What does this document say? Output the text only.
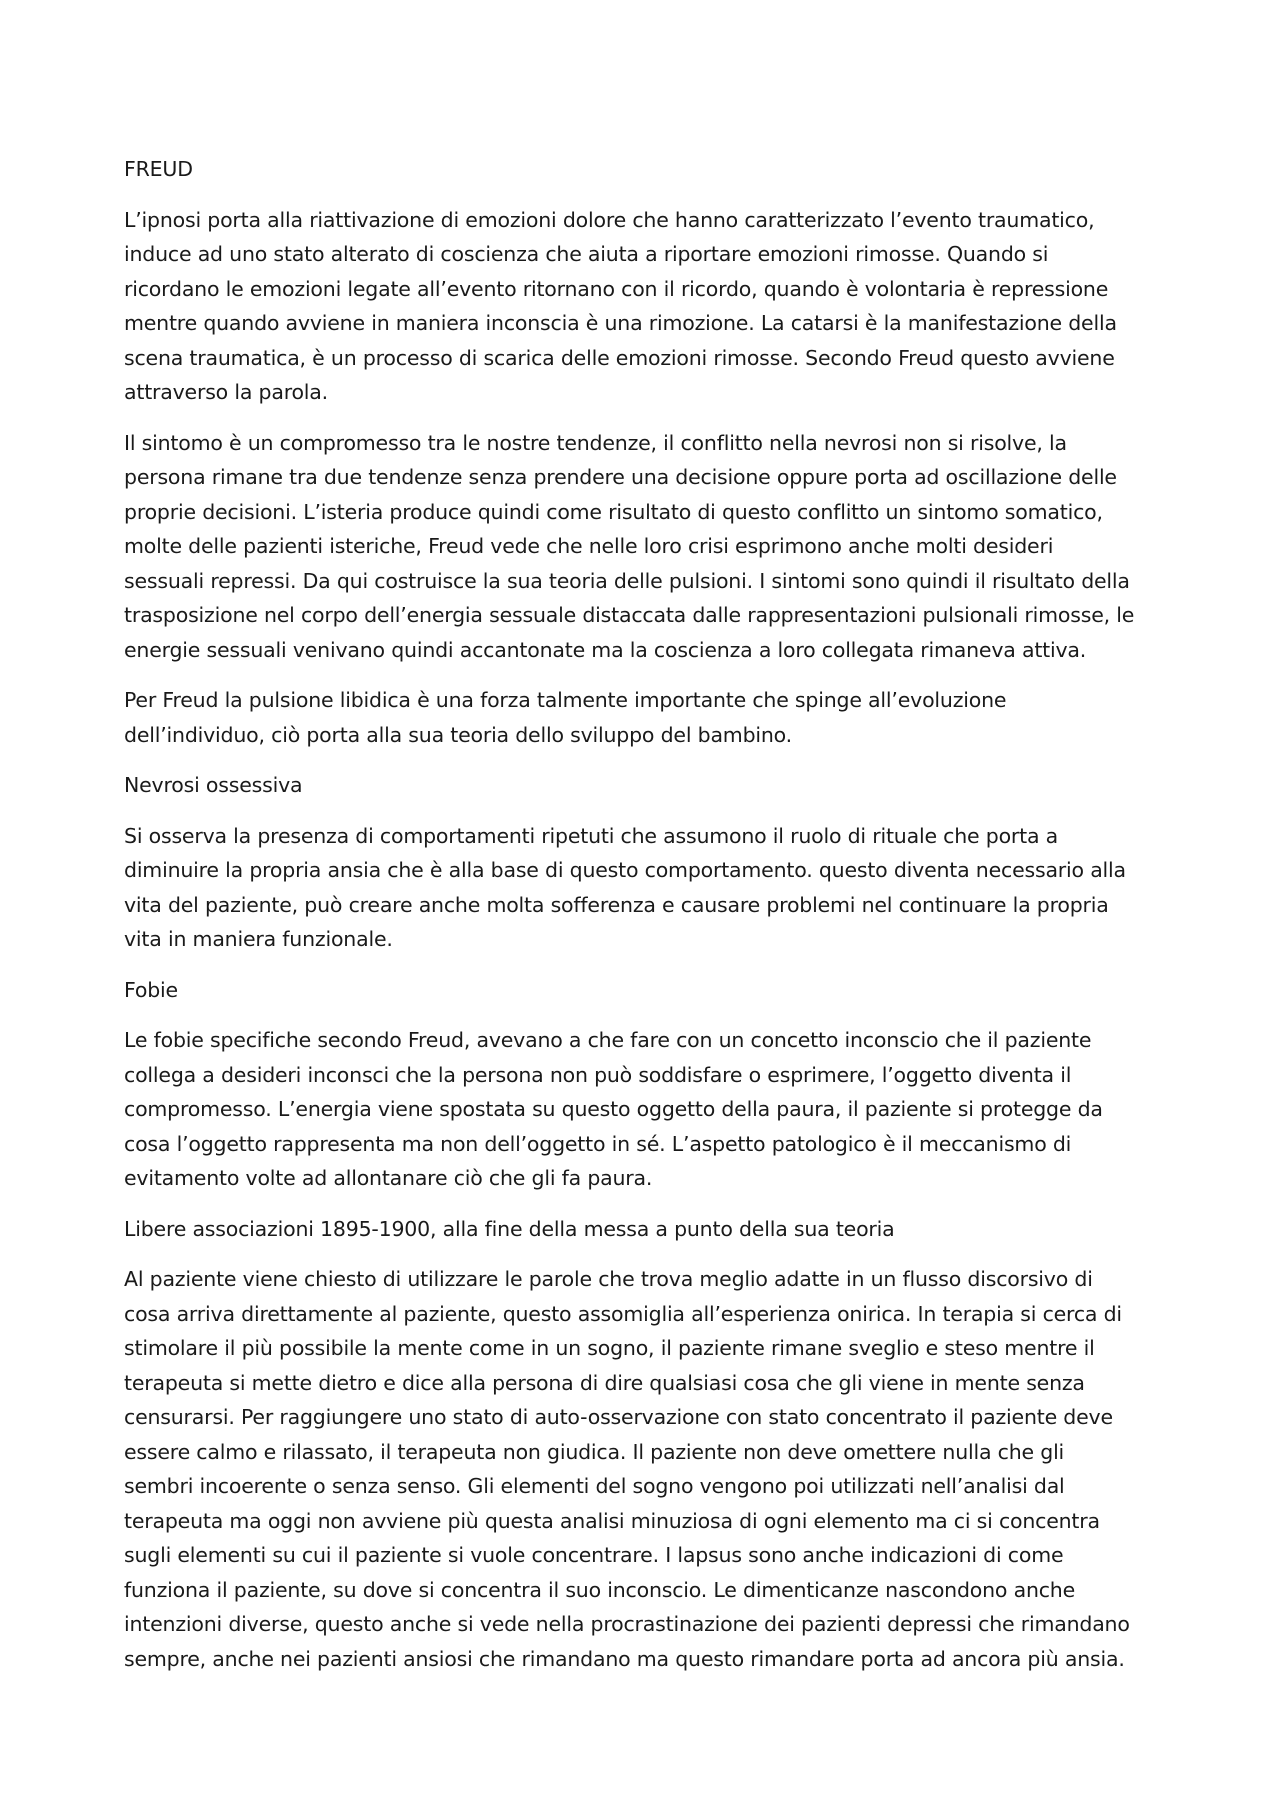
FREUD
L’ipnosi porta alla riattivazione di emozioni dolore che hanno caratterizzato l’evento traumatico,
induce ad uno stato alterato di coscienza che aiuta a riportare emozioni rimosse. Quando si
ricordano le emozioni legate all’evento ritornano con il ricordo, quando è volontaria è repressione
mentre quando avviene in maniera inconscia è una rimozione. La catarsi è la manifestazione della
scena traumatica, è un processo di scarica delle emozioni rimosse. Secondo Freud questo avviene
attraverso la parola.
Il sintomo è un compromesso tra le nostre tendenze, il conflitto nella nevrosi non si risolve, la
persona rimane tra due tendenze senza prendere una decisione oppure porta ad oscillazione delle
proprie decisioni. L’isteria produce quindi come risultato di questo conflitto un sintomo somatico,
molte delle pazienti isteriche, Freud vede che nelle loro crisi esprimono anche molti desideri
sessuali repressi. Da qui costruisce la sua teoria delle pulsioni. I sintomi sono quindi il risultato della
trasposizione nel corpo dell’energia sessuale distaccata dalle rappresentazioni pulsionali rimosse, le
energie sessuali venivano quindi accantonate ma la coscienza a loro collegata rimaneva attiva.
Per Freud la pulsione libidica è una forza talmente importante che spinge all’evoluzione
dell’individuo, ciò porta alla sua teoria dello sviluppo del bambino.
Nevrosi ossessiva
Si osserva la presenza di comportamenti ripetuti che assumono il ruolo di rituale che porta a
diminuire la propria ansia che è alla base di questo comportamento. questo diventa necessario alla
vita del paziente, può creare anche molta sofferenza e causare problemi nel continuare la propria
vita in maniera funzionale.
Fobie
Le fobie specifiche secondo Freud, avevano a che fare con un concetto inconscio che il paziente
collega a desideri inconsci che la persona non può soddisfare o esprimere, l’oggetto diventa il
compromesso. L’energia viene spostata su questo oggetto della paura, il paziente si protegge da
cosa l’oggetto rappresenta ma non dell’oggetto in sé. L’aspetto patologico è il meccanismo di
evitamento volte ad allontanare ciò che gli fa paura.
Libere associazioni 1895-1900, alla fine della messa a punto della sua teoria
Al paziente viene chiesto di utilizzare le parole che trova meglio adatte in un flusso discorsivo di
cosa arriva direttamente al paziente, questo assomiglia all’esperienza onirica. In terapia si cerca di
stimolare il più possibile la mente come in un sogno, il paziente rimane sveglio e steso mentre il
terapeuta si mette dietro e dice alla persona di dire qualsiasi cosa che gli viene in mente senza
censurarsi. Per raggiungere uno stato di auto-osservazione con stato concentrato il paziente deve
essere calmo e rilassato, il terapeuta non giudica. Il paziente non deve omettere nulla che gli
sembri incoerente o senza senso. Gli elementi del sogno vengono poi utilizzati nell’analisi dal
terapeuta ma oggi non avviene più questa analisi minuziosa di ogni elemento ma ci si concentra
sugli elementi su cui il paziente si vuole concentrare. I lapsus sono anche indicazioni di come
funziona il paziente, su dove si concentra il suo inconscio. Le dimenticanze nascondono anche
intenzioni diverse, questo anche si vede nella procrastinazione dei pazienti depressi che rimandano
sempre, anche nei pazienti ansiosi che rimandano ma questo rimandare porta ad ancora più ansia.
